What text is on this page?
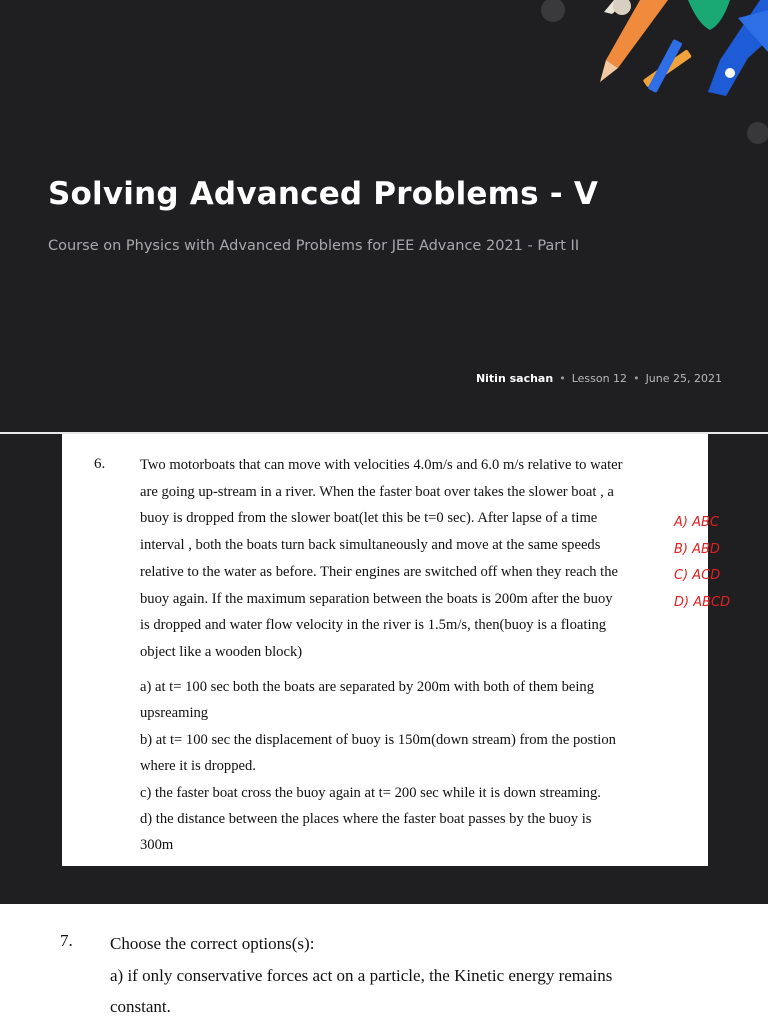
Solving Advanced Problems - V
Course on Physics with Advanced Problems for JEE Advance 2021 - Part II
Nitin sachan • Lesson 12 • June 25, 2021
6. Two motorboats that can move with velocities 4.0m/s and 6.0 m/s relative to water
are going up-stream in a river. When the faster boat over takes the slower boat , a
buoy is dropped from the slower boat(let this be t=0 sec). After lapse of a time
interval , both the boats turn back simultaneously and move at the same speeds
relative to the water as before. Their engines are switched off when they reach the
buoy again. If the maximum separation between the boats is 200m after the buoy
is dropped and water flow velocity in the river is 1.5m/s, then(buoy is a floating
object like a wooden block)
a) at t= 100 sec both the boats are separated by 200m with both of them being
upsreaming
b) at t= 100 sec the displacement of buoy is 150m(down stream) from the postion
where it is dropped.
c) the faster boat cross the buoy again at t= 200 sec while it is down streaming.
d) the distance between the places where the faster boat passes by the buoy is
300m
A) ABC
B) ABD
C) ACD
D) ABCD
7. Choose the correct options(s):
a) if only conservative forces act on a particle, the Kinetic energy remains
constant.
